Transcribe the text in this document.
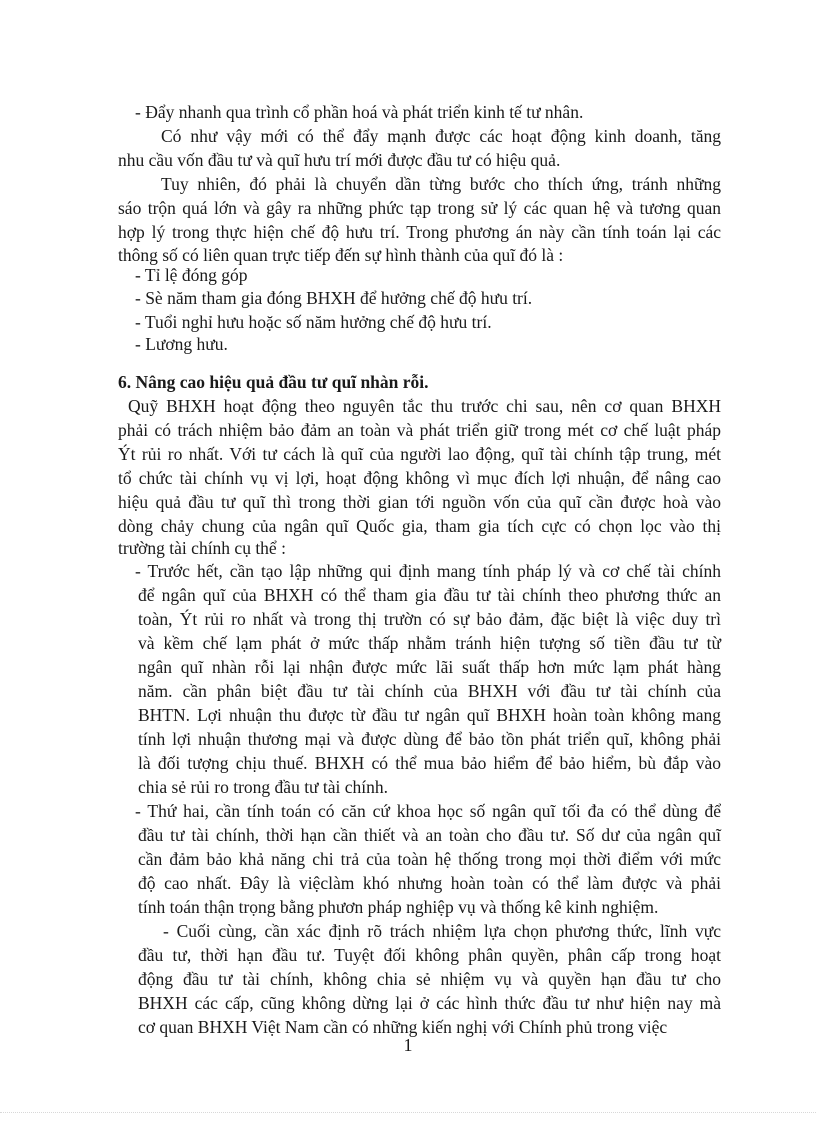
- Đẩy nhanh qua trình cổ phần hoá và phát triển kinh tế tư nhân.
Có như vậy mới có thể đẩy mạnh được các hoạt động kinh doanh, tăng
nhu cầu vốn đầu tư và quĩ hưu trí mới được đầu tư có hiệu quả.
Tuy nhiên, đó phải là chuyển dần từng bước cho thích ứng, tránh những
sáo trộn quá lớn và gây ra những phức tạp trong sử lý các quan hệ và tương quan
hợp lý trong thực hiện chế độ hưu trí. Trong phương án này cần tính toán lại các
thông số có liên quan trực tiếp đến sự hình thành của quĩ đó là :
- Tỉ lệ đóng góp
- Sè năm tham gia đóng BHXH để hưởng chế độ hưu trí.
- Tuổi nghỉ hưu hoặc số năm hưởng chế độ hưu trí.
- Lương hưu.
6. Nâng cao hiệu quả đầu tư quĩ nhàn rỗi.
Quỹ BHXH hoạt động theo nguyên tắc thu trước chi sau, nên cơ quan BHXH
phải có trách nhiệm bảo đảm an toàn và phát triển giữ trong mét cơ chế luật pháp
Ýt rủi ro nhất. Với tư cách là quĩ của người lao động, quĩ tài chính tập trung, mét
tổ chức tài chính vụ vị lợi, hoạt động không vì mục đích lợi nhuận, để nâng cao
hiệu quả đầu tư quĩ thì trong thời gian tới nguồn vốn của quĩ cần được hoà vào
dòng chảy chung của ngân quĩ Quốc gia, tham gia tích cực có chọn lọc vào thị
trường tài chính cụ thể :
- Trước hết, cần tạo lập những qui định mang tính pháp lý và cơ chế tài chính
để ngân quĩ của BHXH có thể tham gia đầu tư tài chính theo phương thức an
toàn, Ýt rủi ro nhất và trong thị trườn có sự bảo đảm, đặc biệt là việc duy trì
và kềm chế lạm phát ở mức thấp nhằm tránh hiện tượng số tiền đầu tư từ
ngân quĩ nhàn rỗi lại nhận được mức lãi suất thấp hơn mức lạm phát hàng
năm. cần phân biệt đầu tư tài chính của BHXH với đầu tư tài chính của
BHTN. Lợi nhuận thu được từ đầu tư ngân quĩ BHXH hoàn toàn không mang
tính lợi nhuận thương mại và được dùng để bảo tồn phát triển quĩ, không phải
là đối tượng chịu thuế. BHXH có thể mua bảo hiểm để bảo hiểm, bù đắp vào
chia sẻ rủi ro trong đầu tư tài chính.
- Thứ hai, cần tính toán có căn cứ khoa học số ngân quĩ tối đa có thể dùng để
đầu tư tài chính, thời hạn cần thiết và an toàn cho đầu tư. Số dư của ngân quĩ
cần đảm bảo khả năng chi trả của toàn hệ thống trong mọi thời điểm với mức
độ cao nhất. Đây là việclàm khó nhưng hoàn toàn có thể làm được và phải
tính toán thận trọng bằng phươn pháp nghiệp vụ và thống kê kinh nghiệm.
- Cuối cùng, cần xác định rõ trách nhiệm lựa chọn phương thức, lĩnh vực
đầu tư, thời hạn đầu tư. Tuyệt đối không phân quyền, phân cấp trong hoạt
động đầu tư tài chính, không chia sẻ nhiệm vụ và quyền hạn đầu tư cho
BHXH các cấp, cũng không dừng lại ở các hình thức đầu tư như hiện nay mà
cơ quan BHXH Việt Nam cần có những kiến nghị với Chính phủ trong việc
1
